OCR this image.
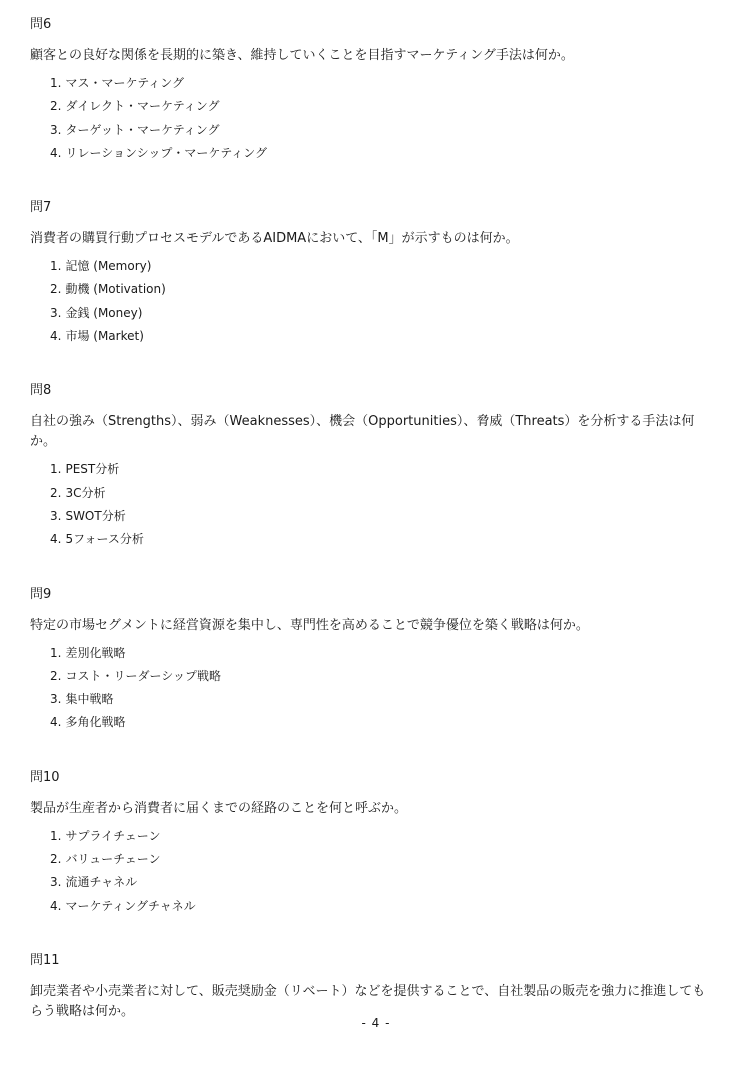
問6
顧客との良好な関係を長期的に築き、維持していくことを目指すマーケティング手法は何か。
1. マス・マーケティング
2. ダイレクト・マーケティング
3. ターゲット・マーケティング
4. リレーションシップ・マーケティング
問7
消費者の購買行動プロセスモデルであるAIDMAにおいて、「M」が示すものは何か。
1. 記憶 (Memory)
2. 動機 (Motivation)
3. 金銭 (Money)
4. 市場 (Market)
問8
自社の強み（Strengths）、弱み（Weaknesses）、機会（Opportunities）、脅威（Threats）を分析する手法は何か。
1. PEST分析
2. 3C分析
3. SWOT分析
4. 5フォース分析
問9
特定の市場セグメントに経営資源を集中し、専門性を高めることで競争優位を築く戦略は何か。
1. 差別化戦略
2. コスト・リーダーシップ戦略
3. 集中戦略
4. 多角化戦略
問10
製品が生産者から消費者に届くまでの経路のことを何と呼ぶか。
1. サプライチェーン
2. バリューチェーン
3. 流通チャネル
4. マーケティングチャネル
問11
卸売業者や小売業者に対して、販売奨励金（リベート）などを提供することで、自社製品の販売を強力に推進してもらう戦略は何か。
- 4 -
